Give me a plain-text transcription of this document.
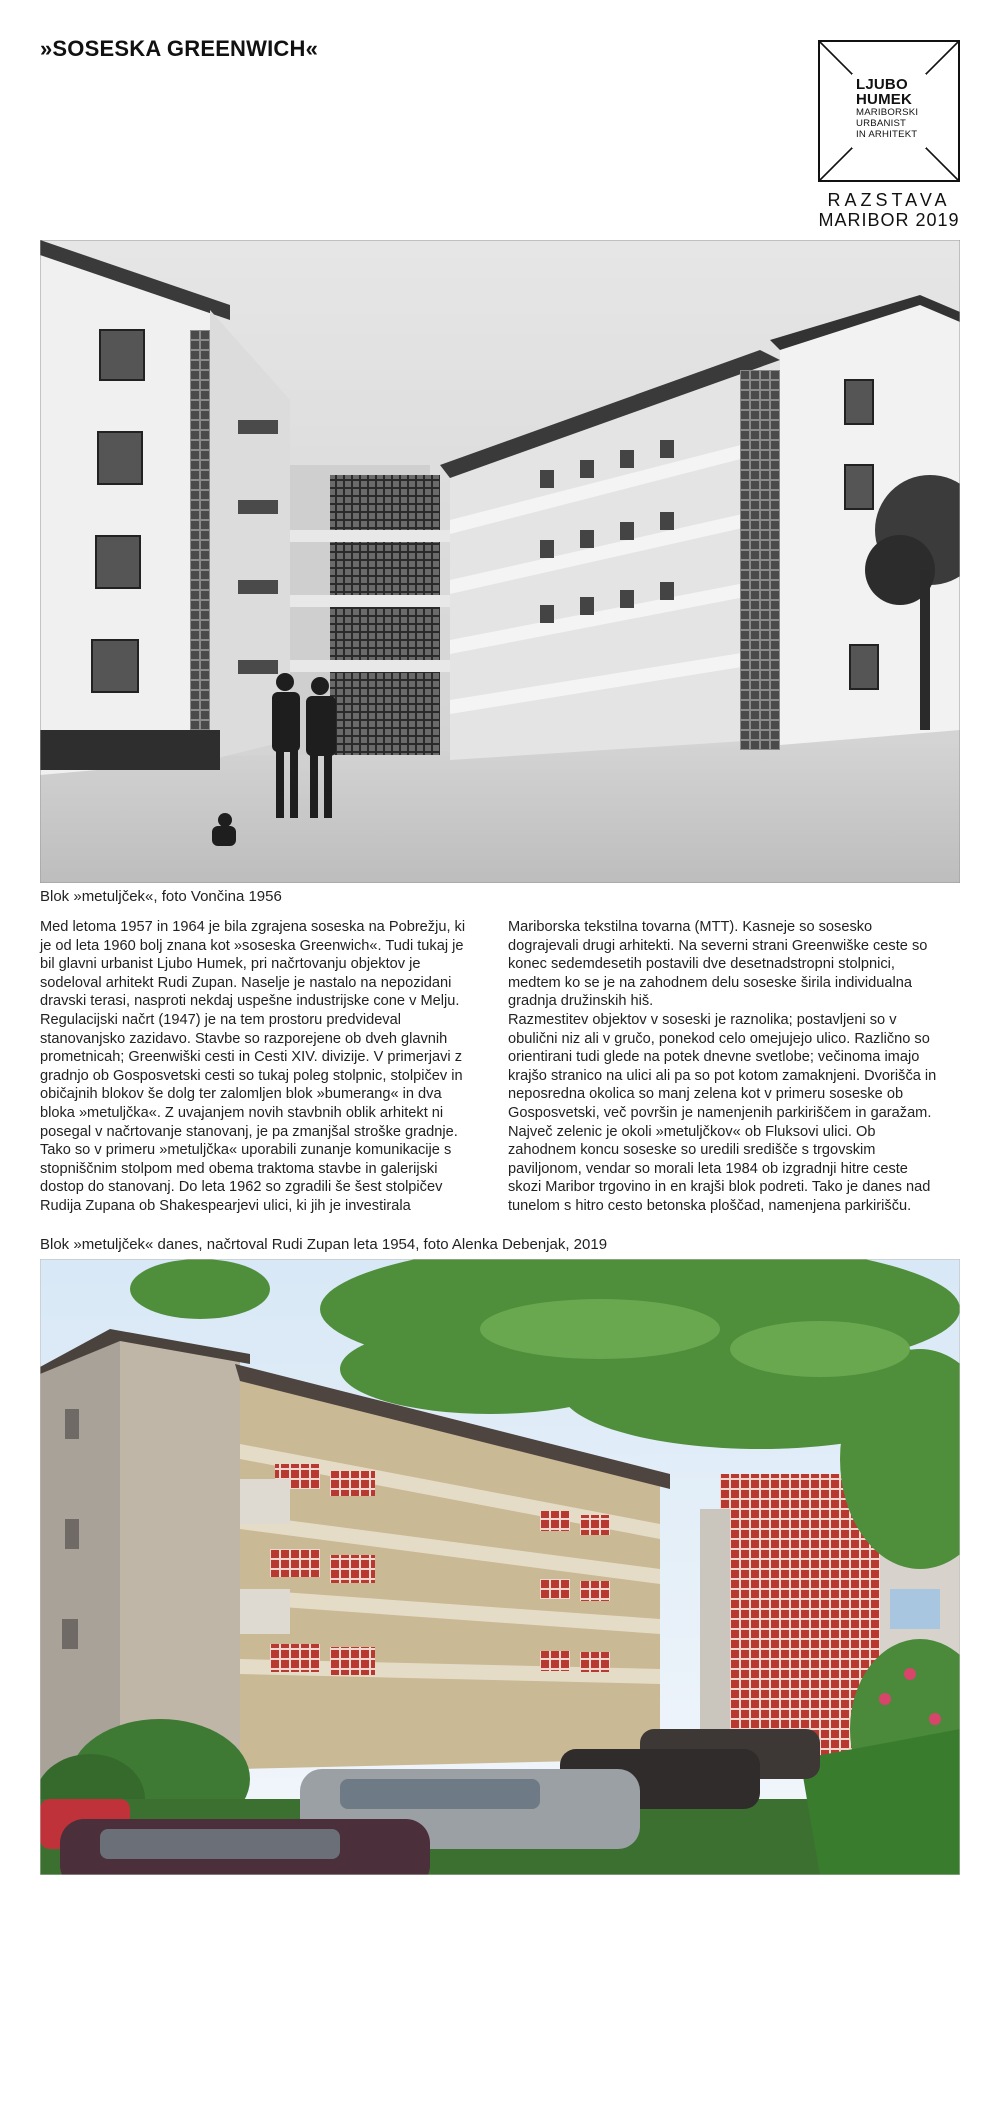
»SOSESKA GREENWICH«
LJUBO
HUMEK
MARIBORSKI
URBANIST
IN ARHITEKT
RAZSTAVA
MARIBOR 2019
Blok »metuljček«, foto Vončina 1956

Med letoma 1957 in 1964 je bila zgrajena soseska na Pobrežju, ki je od leta 1960 bolj znana kot »soseska Greenwich«. Tudi tukaj je bil glavni urbanist Ljubo Humek, pri načrtovanju objektov je sodeloval arhitekt Rudi Zupan. Naselje je nastalo na nepozidani dravski terasi, nasproti nekdaj uspešne industrijske cone v Melju. Regulacijski načrt (1947) je na tem prostoru predvideval stanovanjsko zazidavo. Stavbe so razporejene ob dveh glavnih prometnicah; Greenwiški cesti in Cesti XIV. divizije. V primerjavi z gradnjo ob Gosposvetski cesti so tukaj poleg stolpnic, stolpičev in običajnih blokov še dolg ter zalomljen blok »bumerang« in dva bloka »metuljčka«. Z uvajanjem novih stavbnih oblik arhitekt ni posegal v načrtovanje stanovanj, je pa zmanjšal stroške gradnje. Tako so v primeru »metuljčka« uporabili zunanje komunikacije s stopniščnim stolpom med obema traktoma stavbe in galerijski dostop do stanovanj. Do leta 1962 so zgradili še šest stolpičev Rudija Zupana ob Shakespearjevi ulici, ki jih je investirala

Mariborska tekstilna tovarna (MTT). Kasneje so sosesko dograjevali drugi arhitekti. Na severni strani Greenwiške ceste so konec sedemdesetih postavili dve desetnadstropni stolpnici, medtem ko se je na zahodnem delu soseske širila individualna gradnja družinskih hiš.

Razmestitev objektov v soseski je raznolika; postavljeni so v obulični niz ali v gručo, ponekod celo omejujejo ulico. Različno so orientirani tudi glede na potek dnevne svetlobe; večinoma imajo krajšo stranico na ulici ali pa so pot kotom zamaknjeni. Dvorišča in neposredna okolica so manj zelena kot v primeru soseske ob Gosposvetski, več površin je namenjenih parkiriščem in garažam. Največ zelenic je okoli »metuljčkov« ob Fluksovi ulici. Ob zahodnem koncu soseske so uredili središče s trgovskim paviljonom, vendar so morali leta 1984 ob izgradnji hitre ceste skozi Maribor trgovino in en krajši blok podreti. Tako je danes nad tunelom s hitro cesto betonska ploščad, namenjena parkirišču.

Blok »metuljček« danes, načrtoval Rudi Zupan leta 1954, foto Alenka Debenjak, 2019
